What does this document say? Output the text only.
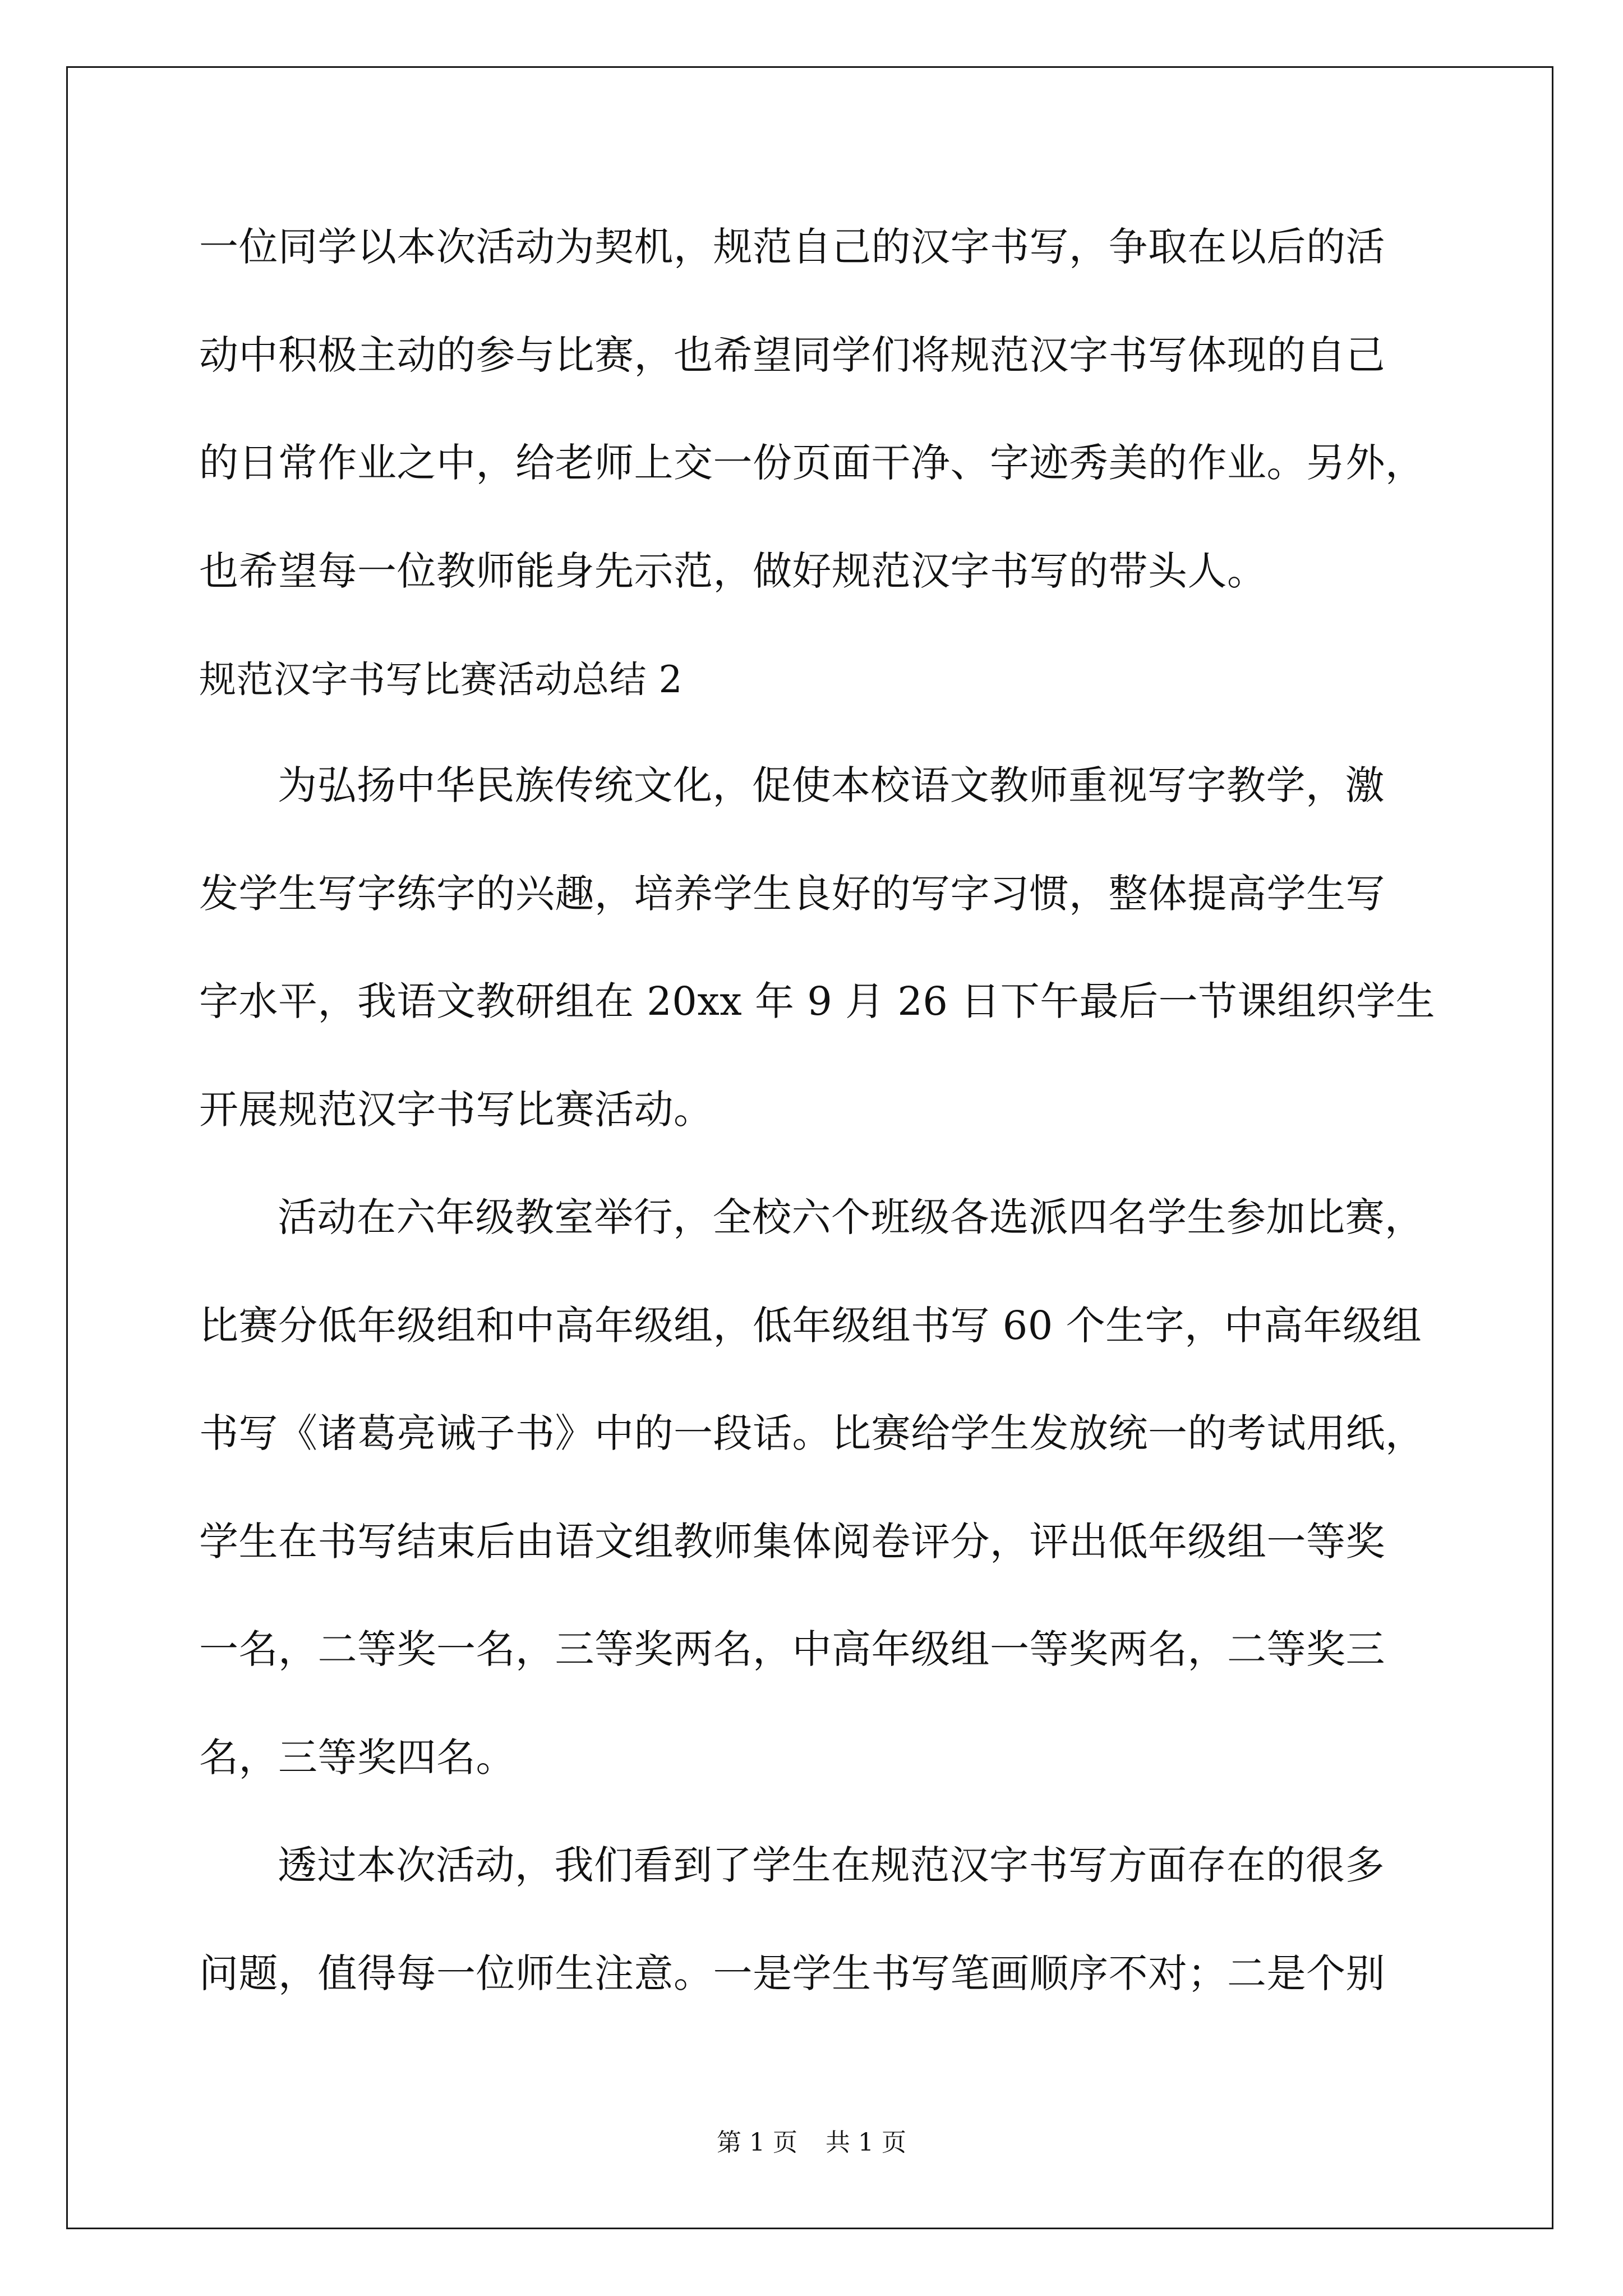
一位同学以本次活动为契机，规范自己的汉字书写，争取在以后的活
动中积极主动的参与比赛，也希望同学们将规范汉字书写体现的自己
的日常作业之中，给老师上交一份页面干净、字迹秀美的作业。另外，
也希望每一位教师能身先示范，做好规范汉字书写的带头人。
规范汉字书写比赛活动总结 2
为弘扬中华民族传统文化，促使本校语文教师重视写字教学，激
发学生写字练字的兴趣，培养学生良好的写字习惯，整体提高学生写
字水平，我语文教研组在 20xx 年 9 月 26 日下午最后一节课组织学生
开展规范汉字书写比赛活动。
活动在六年级教室举行，全校六个班级各选派四名学生参加比赛，
比赛分低年级组和中高年级组，低年级组书写 60 个生字，中高年级组
书写《诸葛亮诫子书》中的一段话。比赛给学生发放统一的考试用纸，
学生在书写结束后由语文组教师集体阅卷评分，评出低年级组一等奖
一名，二等奖一名，三等奖两名，中高年级组一等奖两名，二等奖三
名，三等奖四名。
透过本次活动，我们看到了学生在规范汉字书写方面存在的很多
问题，值得每一位师生注意。一是学生书写笔画顺序不对；二是个别
第 1 页 共 1 页
